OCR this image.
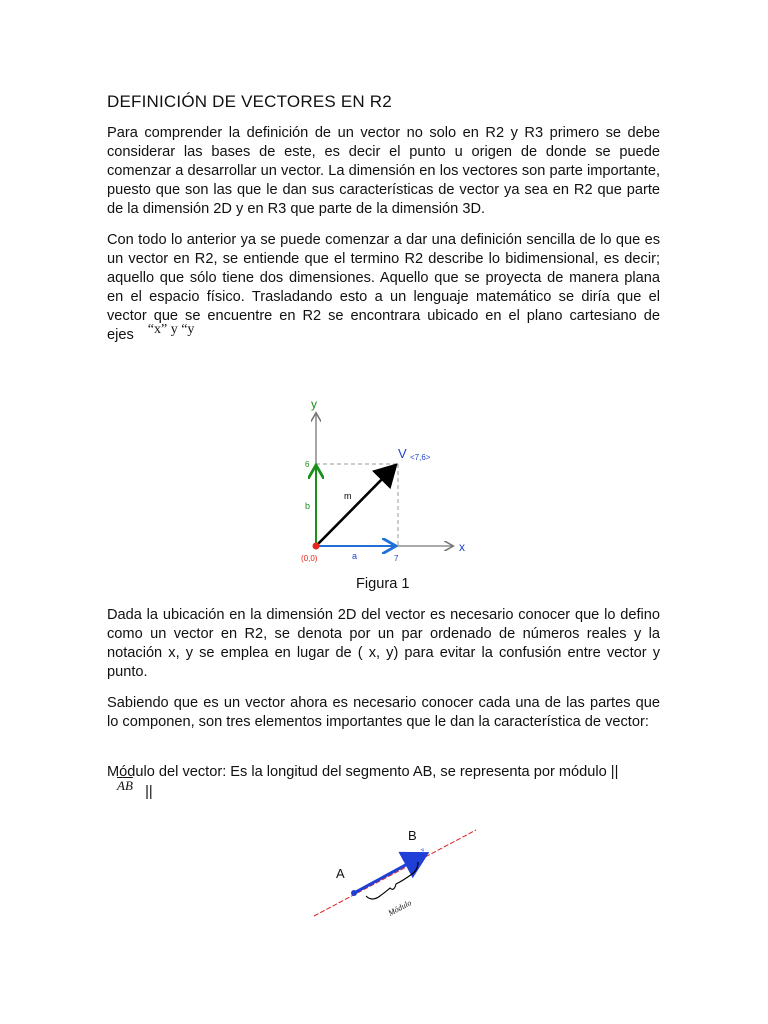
DEFINICIÓN DE VECTORES EN R2

Para comprender la definición de un vector no solo en R2 y R3 primero se debe considerar las bases de este, es decir el punto u origen de donde se puede comenzar a desarrollar un vector. La dimensión en los vectores son parte importante, puesto que son las que le dan sus características de vector ya sea en R2 que parte de la dimensión 2D y en R3 que parte de la dimensión 3D.

Con todo lo anterior ya se puede comenzar a dar una definición sencilla de lo que es un vector en R2, se entiende que el termino R2 describe lo bidimensional, es decir; aquello que sólo tiene dos dimensiones. Aquello que se proyecta de manera plana en el espacio físico. Trasladando esto a un lenguaje matemático se diría que el vector que se encuentre en R2 se encontrara ubicado en el plano cartesiano de ejes “x” y “y

y
x
6
7
(0,0)
V <7,6>
m
a
b

Figura 1

Dada la ubicación en la dimensión 2D del vector es necesario conocer que lo defino como un vector en R2, se denota por un par ordenado de números reales y la notación x, y se emplea en lugar de ( x, y) para evitar la confusión entre vector y punto.

Sabiendo que es un vector ahora es necesario conocer cada una de las partes que lo componen, son tres elementos importantes que le dan la característica de vector:

Módulo del vector: Es la longitud del segmento AB, se representa por módulo ||
$\overline{AB}$ ||

A
B
v
Módulo
